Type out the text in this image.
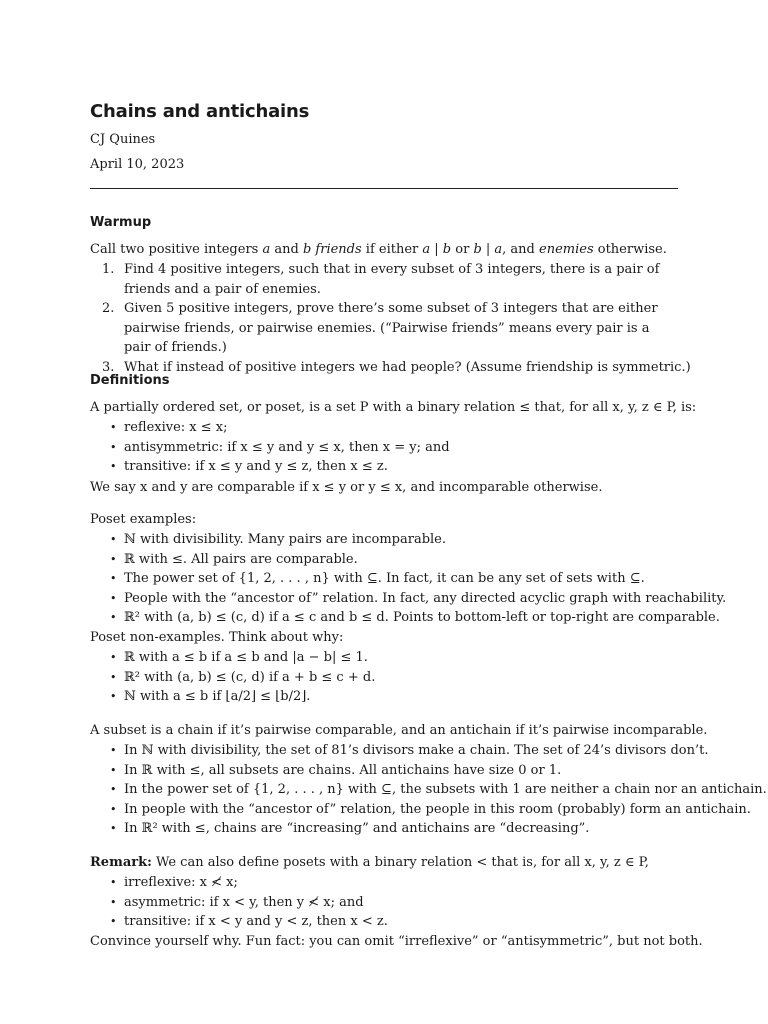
Chains and antichains
CJ Quines
April 10, 2023
Warmup
Call two positive integers a and b friends if either a | b or b | a, and enemies otherwise.
1. Find 4 positive integers, such that in every subset of 3 integers, there is a pair of friends and a pair of enemies.
2. Given 5 positive integers, prove there’s some subset of 3 integers that are either pairwise friends, or pairwise enemies. (“Pairwise friends” means every pair is a pair of friends.)
3. What if instead of positive integers we had people? (Assume friendship is symmetric.)
Definitions
A partially ordered set, or poset, is a set P with a binary relation ≤ that, for all x, y, z ∈ P, is:
• reflexive: x ≤ x;
• antisymmetric: if x ≤ y and y ≤ x, then x = y; and
• transitive: if x ≤ y and y ≤ z, then x ≤ z.
We say x and y are comparable if x ≤ y or y ≤ x, and incomparable otherwise.
Poset examples:
• ℕ with divisibility. Many pairs are incomparable.
• ℝ with ≤. All pairs are comparable.
• The power set of {1, 2, . . . , n} with ⊆. In fact, it can be any set of sets with ⊆.
• People with the “ancestor of” relation. In fact, any directed acyclic graph with reachability.
• ℝ² with (a, b) ≤ (c, d) if a ≤ c and b ≤ d. Points to bottom-left or top-right are comparable.
Poset non-examples. Think about why:
• ℝ with a ≤ b if a ≤ b and |a − b| ≤ 1.
• ℝ² with (a, b) ≤ (c, d) if a + b ≤ c + d.
• ℕ with a ≤ b if ⌊a/2⌋ ≤ ⌊b/2⌋.
A subset is a chain if it’s pairwise comparable, and an antichain if it’s pairwise incomparable.
• In ℕ with divisibility, the set of 81’s divisors make a chain. The set of 24’s divisors don’t.
• In ℝ with ≤, all subsets are chains. All antichains have size 0 or 1.
• In the power set of {1, 2, . . . , n} with ⊆, the subsets with 1 are neither a chain nor an antichain.
• In people with the “ancestor of” relation, the people in this room (probably) form an antichain.
• In ℝ² with ≤, chains are “increasing” and antichains are “decreasing”.
Remark: We can also define posets with a binary relation < that is, for all x, y, z ∈ P,
• irreflexive: x ≮ x;
• asymmetric: if x < y, then y ≮ x; and
• transitive: if x < y and y < z, then x < z.
Convince yourself why. Fun fact: you can omit “irreflexive” or “antisymmetric”, but not both.
